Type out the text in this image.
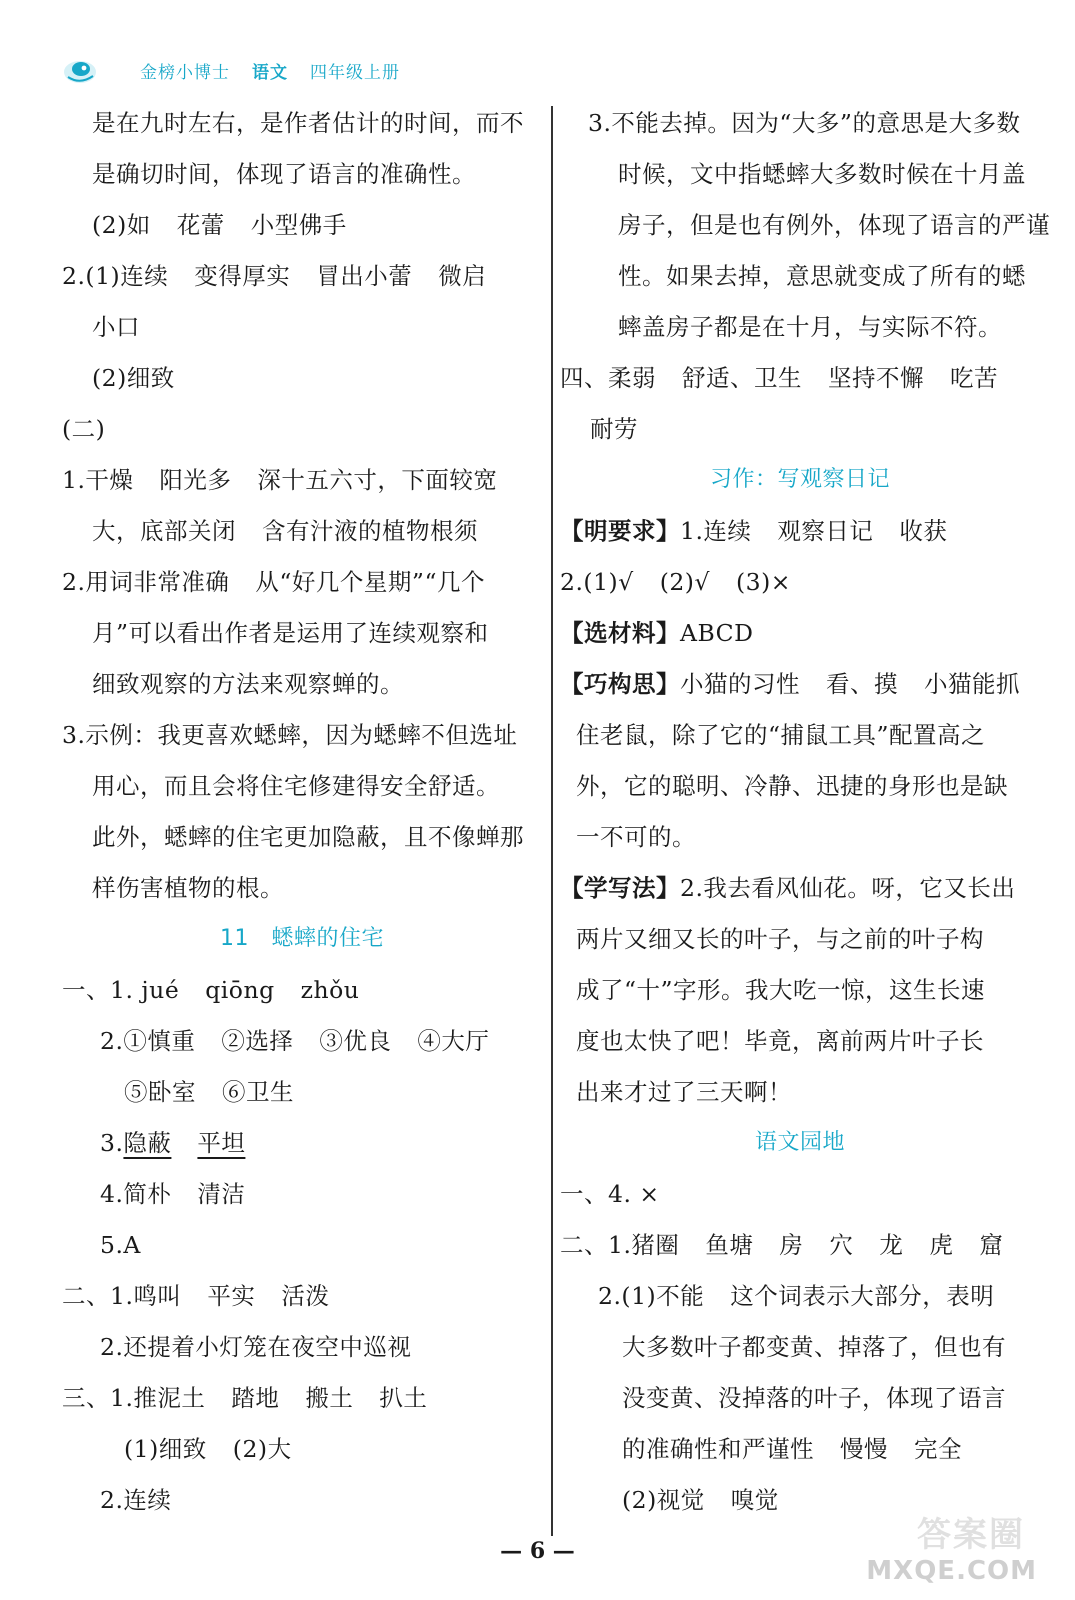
金榜小博士 语文 四年级上册
是在九时左右，是作者估计的时间，而不
是确切时间，体现了语言的准确性。
(2)如 花蕾 小型佛手
2.(1)连续 变得厚实 冒出小蕾 微启
小口
(2)细致
(二)
1.干燥 阳光多 深十五六寸，下面较宽
大，底部关闭 含有汁液的植物根须
2.用词非常准确 从“好几个星期”“几个
月”可以看出作者是运用了连续观察和
细致观察的方法来观察蝉的。
3.示例：我更喜欢蟋蟀，因为蟋蟀不但选址
用心，而且会将住宅修建得安全舒适。
此外，蟋蟀的住宅更加隐蔽，且不像蝉那
样伤害植物的根。
11　蟋蟀的住宅
一、1. jué qiōng zhǒu
2.①慎重 ②选择 ③优良 ④大厅
⑤卧室 ⑥卫生
3.隐蔽 平坦
4.简朴 清洁
5.A
二、1.鸣叫 平实 活泼
2.还提着小灯笼在夜空中巡视
三、1.推泥土 踏地 搬土 扒土
(1)细致 (2)大
2.连续
3.不能去掉。因为“大多”的意思是大多数
时候，文中指蟋蟀大多数时候在十月盖
房子，但是也有例外，体现了语言的严谨
性。如果去掉，意思就变成了所有的蟋
蟀盖房子都是在十月，与实际不符。
四、柔弱 舒适、卫生 坚持不懈 吃苦
耐劳
习作：写观察日记
【明要求】1.连续 观察日记 收获
2.(1)√ (2)√ (3)×
【选材料】ABCD
【巧构思】小猫的习性 看、摸 小猫能抓
住老鼠，除了它的“捕鼠工具”配置高之
外，它的聪明、冷静、迅捷的身形也是缺
一不可的。
【学写法】2.我去看风仙花。呀，它又长出
两片又细又长的叶子，与之前的叶子构
成了“十”字形。我大吃一惊，这生长速
度也太快了吧！毕竟，离前两片叶子长
出来才过了三天啊！
语文园地
一、4. ×
二、1.猪圈 鱼塘 房 穴 龙 虎 窟
2.(1)不能 这个词表示大部分，表明
大多数叶子都变黄、掉落了，但也有
没变黄、没掉落的叶子，体现了语言
的准确性和严谨性 慢慢 完全
(2)视觉 嗅觉
— 6 —	答案圈
MXQE.COM
